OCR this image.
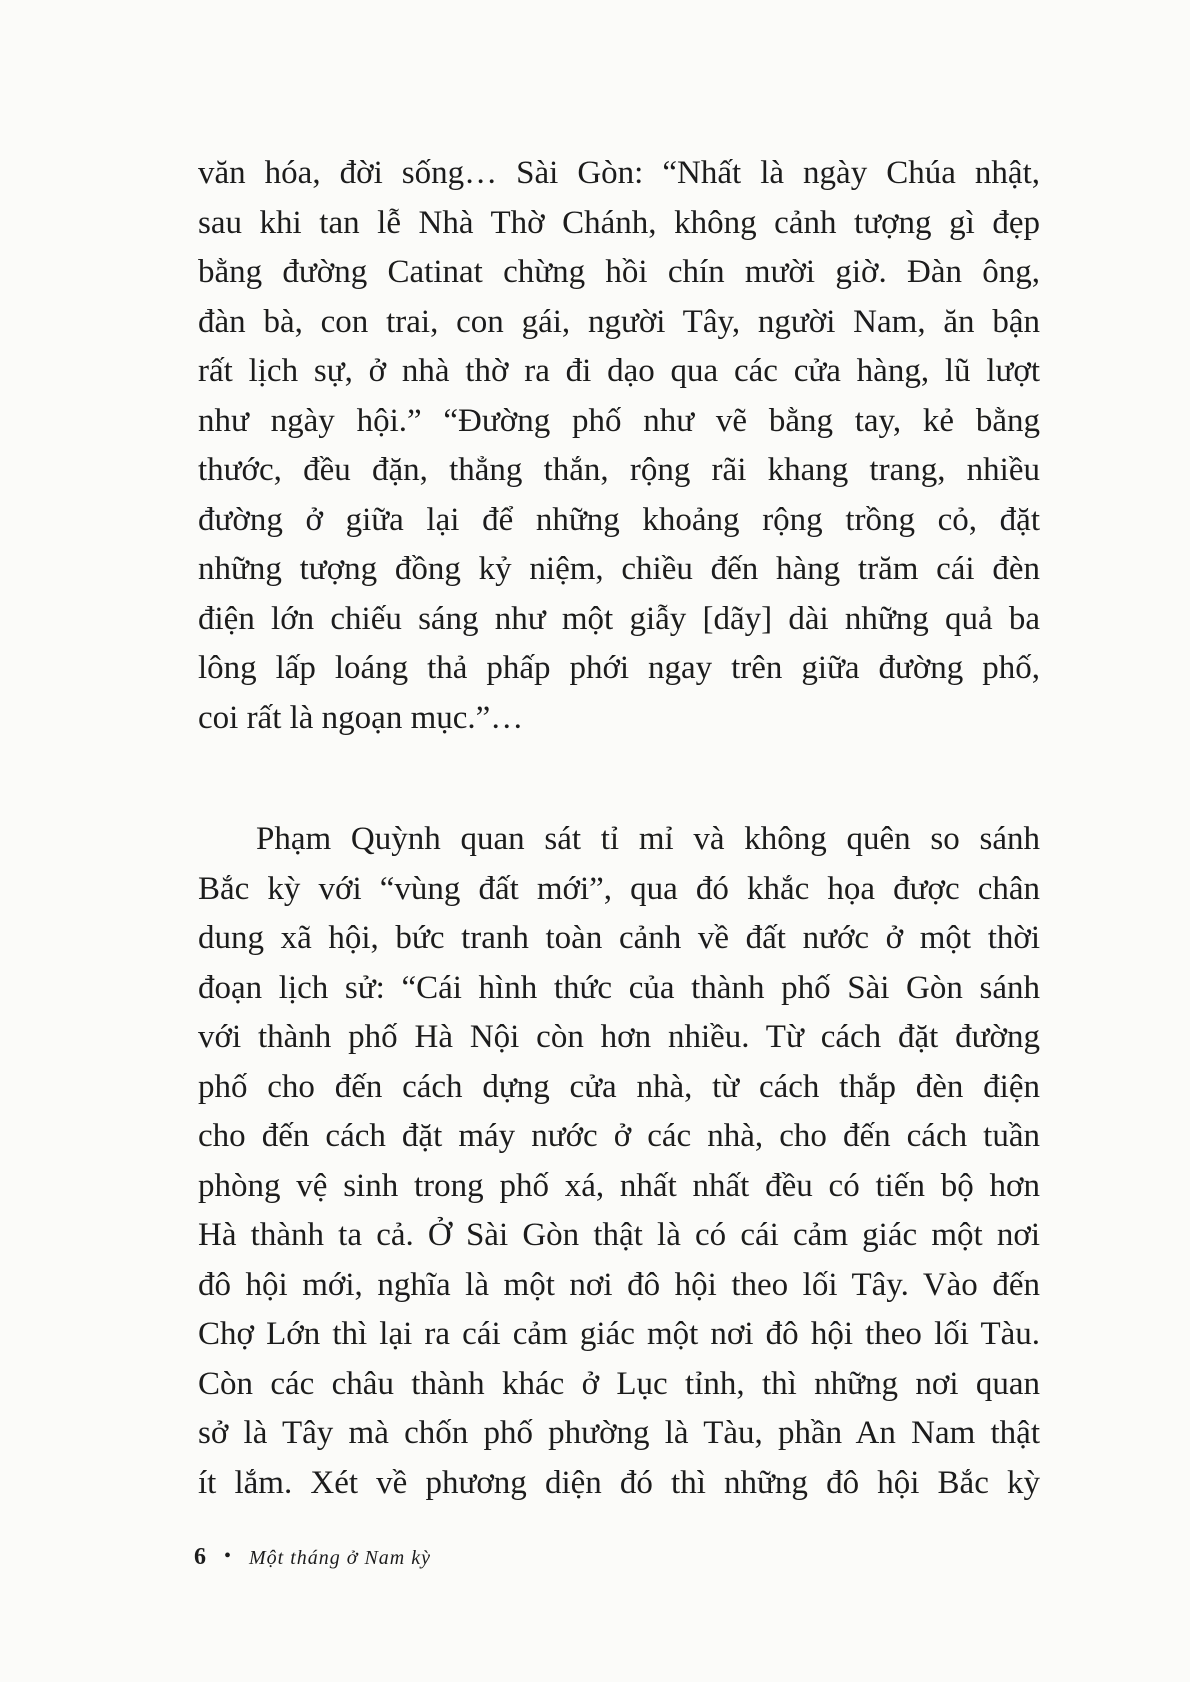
văn hóa, đời sống… Sài Gòn: “Nhất là ngày Chúa nhật,
sau khi tan lễ Nhà Thờ Chánh, không cảnh tượng gì đẹp
bằng đường Catinat chừng hồi chín mười giờ. Đàn ông,
đàn bà, con trai, con gái, người Tây, người Nam, ăn bận
rất lịch sự, ở nhà thờ ra đi dạo qua các cửa hàng, lũ lượt
như ngày hội.” “Đường phố như vẽ bằng tay, kẻ bằng
thước, đều đặn, thẳng thắn, rộng rãi khang trang, nhiều
đường ở giữa lại để những khoảng rộng trồng cỏ, đặt
những tượng đồng kỷ niệm, chiều đến hàng trăm cái đèn
điện lớn chiếu sáng như một giẫy [dãy] dài những quả ba
lông lấp loáng thả phấp phới ngay trên giữa đường phố,
coi rất là ngoạn mục.”…
Phạm Quỳnh quan sát tỉ mỉ và không quên so sánh
Bắc kỳ với “vùng đất mới”, qua đó khắc họa được chân
dung xã hội, bức tranh toàn cảnh về đất nước ở một thời
đoạn lịch sử: “Cái hình thức của thành phố Sài Gòn sánh
với thành phố Hà Nội còn hơn nhiều. Từ cách đặt đường
phố cho đến cách dựng cửa nhà, từ cách thắp đèn điện
cho đến cách đặt máy nước ở các nhà, cho đến cách tuần
phòng vệ sinh trong phố xá, nhất nhất đều có tiến bộ hơn
Hà thành ta cả. Ở Sài Gòn thật là có cái cảm giác một nơi
đô hội mới, nghĩa là một nơi đô hội theo lối Tây. Vào đến
Chợ Lớn thì lại ra cái cảm giác một nơi đô hội theo lối Tàu.
Còn các châu thành khác ở Lục tỉnh, thì những nơi quan
sở là Tây mà chốn phố phường là Tàu, phần An Nam thật
ít lắm. Xét về phương diện đó thì những đô hội Bắc kỳ
6 • Một tháng ở Nam kỳ
